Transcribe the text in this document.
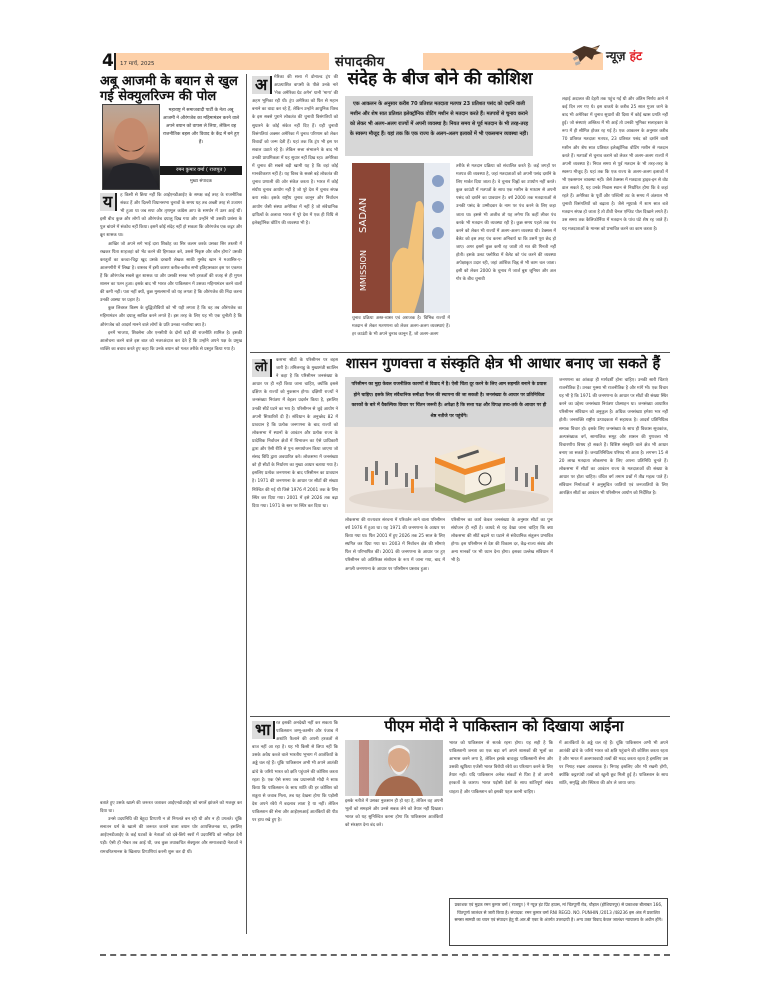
4 17 मार्च, 2025	संपादकीय	न्यूज़ हंट
अबू आजमी के बयान से खुल गई सेक्युलरिज्म की पोल
महाराष्ट्र में समाजवादी पार्टी के नेता अबू आजमी ने औरंगजेब का महिमामंडन करने वाले अपने बयान को वापस ले लिया, लेकिन वह राजनीतिक बहस और विवाद के केंद्र में बने हुए हैं।
रमन कुमार वर्मा ( राजपूत )
मुख्य संपादक
य	ह किसी से छिपा नहीं कि आईएनडीआईए के समक्ष कई तरह के राजनीतिक संकट हैं और दिल्ली विधानसभा चुनावों के समय यह तब अच्छी तरह से उजागर भी हुआ था जब सपा और तृणमूल कांग्रेस आप के समर्थन में उतर आई थीं। इसी बीच कुछ और लोगों को औरंगजेब दयालु दिख गया और उन्होंने भी उसकी प्रशंसा के पुल बांधने में संकोच नहीं किया। इसमें कोई संदेह नहीं हो सकता कि औरंगजेब एक कट्टर और क्रूर शासक था।

आखिर जो अपने सगे भाई दारा शिकोह का सिर कलम करके उसका सिर तश्तरी में रखकर पिता शाहजहां को भेंट करने की हिमाकत करे, उससे निकृष्ट और कौन होगा? उसकी करतूतों का कच्चा-चिट्ठा खुद उसके दरबारी लेखक साकी मुस्तैद खान ने मआसिर-ए-आलमगीरी में लिखा है। वास्तव में इसी कारण करीब-करीब सभी इतिहासकार इस पर एकमत हैं कि औरंगजेब सबसे क्रूर शासक था और उसकी सनक भरी हरकतों की वजह से ही मुगल शासन का पतन हुआ। इसके बाद भी भारत और पाकिस्तान में उसका महिमामंडन करने वालों की कमी नहीं। पता नहीं क्यों, कुछ मुसलमानों को यह लगता है कि औरंगजेब की निंदा करना उनकी आस्था पर प्रहार है।

कुछ लिबरल किस्म के बुद्धिजीवियों को भी यही लगता है कि वह तब औरंगजेब का महिमामंडन और दयालु साबित करने लगते हैं। इस तरह के लिए यह भी एक चुनौती है कि औरंगजेब को आदर्श मानने वाले लोगों के प्रति उनका नजरिया क्या है।

इनमें भाजपा, शिवसेना और एनसीपी के दोनों धड़ों की राजनीति शामिल है। इसकी आलोचना करने वाले इस बात को नजरअंदाज कर देते हैं कि उन्होंने अपने पक्ष के प्रमुख व्यक्ति का बचाव करते हुए कहा कि उनके बयान को गलत तरीके से प्रस्तुत किया गया है।

बताते हुए उसके खात्मे की जरूरत जताकर आईएनडीआईए को बगलें झांकने को मजबूर कर दिया था।

उनसे उदयनिधि की बेहूदा टिप्पणी न तो निगलते बन रही थी और न ही उगलते। चूंकि सनातन धर्म के खात्मे की जरूरत जताने वाला बयान घोर आपत्तिजनक था, इसलिए आईएनडीआईए के कई घटकों के नेताओं को दबे-छिपे स्वरों में उदयनिधि को नसीहत देनी पड़ी। ऐसी ही नौबत तब आई थी, जब कुछ तथाकथित सेक्युलर और समाजवादी नेताओं ने रामचरितमानस के खिलाफ टिप्पणियां करनी शुरू कर दी थीं।

अ	मेरिका की सत्ता में डोनाल्ड ट्रंप की अप्रत्याशित वापसी के पीछे उनके नारे 'मेक अमेरिका ग्रेट अगेन' यानी 'मागा' की अहम भूमिका रही थी। ट्रंप अमेरिका को फिर से महान बनाने का वादा कर रहे हैं, लेकिन उन्होंने आधुनिक विश्व के इस सबसे पुराने लोकतंत्र की चुनावी विसंगतियों को सुधारने के कोई संकेत नहीं दिए हैं। यही चुनावी विसंगतियां अक्सर अमेरिका में चुनाव परिणाम को लेकर विवादों को जन्म देती हैं। यहां तक कि ट्रंप भी इस पर सवाल उठाते रहे हैं। लेकिन सत्ता संभालने के बाद भी उनकी प्राथमिकता में यह सुधार नहीं दिख रहा। अमेरिका में चुनाव की सबसे बड़ी खामी यह है कि वहां कोई मानकीकरण नहीं है। यह विश्व के सबसे बड़े लोकतंत्र की चुनाव प्रणाली की ओर संकेत करता है। भारत में कोई संघीय चुनाव आयोग नहीं है जो पूरे देश में चुनाव संपन्न करा सके। इसके राष्ट्रीय चुनाव कानून और निर्वाचन आयोग जैसी संस्था अमेरिका में नहीं है जो संवैधानिक दायित्वों के अलावा भारत में पूरे देश में एक ही विधि से इलेक्ट्रॉनिक वोटिंग की व्यवस्था भी है।
संदेह के बीज बोने की कोशिश
एक आकलन के अनुसार करीब 70 प्रतिशत मतदाता मतपत्र 23 प्रतिशत पसंद को दर्शाने वाली मशीन और शेष सात प्रतिशत इलेक्ट्रॉनिक वोटिंग मशीन से मतदान करते हैं। मतपत्रों से चुनाव कराने को लेकर भी अलग-अलग राज्यों में अपनी व्यवस्था है। नियत समय से पूर्व मतदान के भी तरह-तरह के स्वरूप मौजूद हैं। यहां तक कि एक राज्य के अलग-अलग इलाकों में भी एकसमान व्यवस्था नहीं।
SADAN
MMISSION
चुनाव प्रक्रिया अस्त-व्यस्त एवं अराजक है। विभिन्न राज्यों में मतदान से लेकर मतगणना को लेकर अलग-अलग व्यवस्थाएं हैं। हर काउंटी के भी अपने चुनाव कानून हैं, जो अलग-अलग
तरीके से मतदान प्रक्रिया को संचालित करते हैं। कई जगहों पर मतपत्र की व्यवस्था है, जहां मतदाताओं को अपनी पसंद दर्शाने के लिए मार्कर दिया जाता है। वे चुनाव चिह्नों का उपयोग नहीं करते। कुछ काउंटी में मतपत्रों के साथ एक मशीन के माध्यम से अपनी पसंद को दर्शाने का प्रावधान है। वर्ष 2000 तक मतदाताओं से उनकी पसंद के उम्मीदवार के नाम पर पंच करने के लिए कहा जाता था। इससे भी अजीब तो यह लगेगा कि कहीं लीवर पंच करके भी मतदान की व्यवस्था रही है। कुछ समय पहले तक पंच करने को लेकर भी राज्यों में अलग-अलग व्यवस्था थी। टेक्सस में बैलेट को इस तरह पंच करना अनिवार्य था कि उसमें पूरा छेद हो जाए। अगर इसमें कुछ कमी रह जाती तो मत की गिनती नहीं होती। इसके उलट फ्लोरिडा में बैलेट को पंच करने की व्यवस्था अपेक्षाकृत उदार रही, जहां आंशिक चिह्न से भी काम चल जाता। इसी को लेकर 2000 के चुनाव में जार्ज बुश जूनियर और अल गोर के बीच चुनावी
लड़ाई अदालत की देहरी तक पहुंच गई थी और अंतिम निर्णय आने में कई दिन लग गए थे। इस वाकये के करीब 25 साल गुजर जाने के बाद भी अमेरिका में चुनाव सुधारों की दिशा में कोई खास प्रगति नहीं हुई। जो संस्थाएं अस्तित्व में भी आईं तो उनकी भूमिका सलाहकार के रूप में ही सीमित होकर रह गई है। एक आकलन के अनुसार करीब 70 प्रतिशत मतदाता मतपत्र, 23 प्रतिशत पसंद को दर्शाने वाली मशीन और शेष सात प्रतिशत इलेक्ट्रॉनिक वोटिंग मशीन से मतदान करते हैं। मतपत्रों से चुनाव कराने को लेकर भी अलग-अलग राज्यों में अपनी व्यवस्था है। नियत समय से पूर्व मतदान के भी तरह-तरह के स्वरूप मौजूद हैं। यहां तक कि एक राज्य के अलग-अलग इलाकों में भी एकसमान व्यवस्था नहीं। जैसे टेक्सस में मतदाता ड्राइव-इन से वोट डाल सकते हैं, यह उनके निवास स्थान से निर्धारित होगा कि वे कहां रहते हैं। अमेरिका के पूर्वी और पश्चिमी तट के समय में अंतराल भी चुनावी विसंगतियों को बढ़ाता है। जैसे न्यूयार्क में शाम सात बजे मतदान संपन्न हो जाता है तो टीवी चैनल एग्जिट पोल दिखाने लगते हैं। उस समय तक कैलिफोर्निया में मतदान के पांच घंटे शेष रह जाते हैं। यह मतदाताओं के मानस को प्रभावित करने का काम करता है।
लो	कसभा सीटों के परिसीमन पर बहस जारी है। तमिलनाडु के मुख्यमंत्री स्टालिन ने कहा है कि परिसीमन जनसंख्या के आधार पर ही नहीं किया जाना चाहिए, क्योंकि इससे दक्षिण के राज्यों को नुकसान होगा। दक्षिणी राज्यों ने जनसंख्या नियंत्रण में बेहतर प्रदर्शन किया है, इसलिए उनकी सीटें घटने का भय है। परिसीमन से जुड़े आयोग ने अपनी सिफारिशें दी हैं। संविधान के अनुच्छेद 82 में प्रावधान है कि प्रत्येक जनगणना के बाद राज्यों को लोकसभा में स्थानों के आवंटन और प्रत्येक राज्य के प्रादेशिक निर्वाचन क्षेत्रों में विभाजन का ऐसे प्राधिकारी द्वारा और ऐसी रीति से पुनः समायोजन किया जाएगा जो संसद विधि द्वारा अवधारित करे। लोकसभा में जनसंख्या को ही सीटों के निर्धारण का मुख्य आधार बताया गया है। इसलिए प्रत्येक जनगणना के बाद परिसीमन का प्रावधान है। 1971 की जनगणना के आधार पर सीटों की संख्या निश्चित की गई थी जिसे 1976 में 2001 तक के लिए स्थिर कर दिया गया। 2001 में इसे 2026 तक बढ़ा दिया गया। 1971 के स्तर पर स्थिर कर दिया था।
शासन गुणवत्ता व संस्कृति क्षेत्र भी आधार बनाए जा सकते हैं
परिसीमन का मुद्दा केवल राजनीतिक कारणों से विवाद में है। ऐसी चिंता दूर करने के लिए आम सहमति बनाने के प्रयास होने चाहिए। इसके लिए संवैधानिक समीक्षा पैनल की स्थापना की जा सकती है। जनसंख्या के आधार पर प्रतिनिधित्व कारकों के बारे में वैकल्पिक विचार पर चिंतन जरूरी है। अपेक्षा है कि सत्ता पक्ष और विपक्ष तथ्य-तर्क के आधार पर ही श्रेष्ठ नतीजे पर पहुंचेंगे।
लोकसभा की राज्यवार संरचना में परिवर्तन लाने वाला परिसीमन वर्ष 1976 में हुआ था। यह 1971 की जनगणना के आधार पर किया गया था। फिर 2001 में हुए 2026 तक 25 साल के लिए स्थगित कर दिया गया था। 2003 में निर्वाचन क्षेत्र की सीमाएं फिर से परिभाषित कीं। 2001 की जनगणना के आधार पर हुए परिसीमन को अतिरिक्त संशोधन के रूप में जाना गया, बाद में अगली जनगणना के आधार पर परिसीमन प्रस्ताव हुआ।
परिसीमन का कार्य केवल जनसंख्या के अनुसार सीटों का पुनः संयोजन ही नहीं है। कायदे से यह देखा जाना चाहिए कि क्या लोकसभा की सीटें बढ़ाने या घटाने से संवैधानिक संतुलन प्रभावित होगा। इस परिसीमन से देश की विकास दर, केंद्र-राज्य संबंध और अन्य मानकों पर भी ध्यान देना होगा। इसका उल्लेख संविधान में भी है।
जनगणना का आंकड़ा ही मार्गदर्शी होना चाहिए। उनकी सारी चिंताएं राजनीतिक हैं। उनका गुस्सा भी राजनीतिक है और मांगें भी। एक विचार यह भी है कि 1971 की जनगणना के आधार पर सीटों की संख्या स्थिर करने का उद्देश्य जनसंख्या नियंत्रण प्रोत्साहन था। जनसंख्या आधारित परिसीमन संविधान को अनुकूल है। अधिक जनसंख्या हमेशा भार नहीं होती। जनशक्ति राष्ट्रीय उत्पादकता में सहायक है। आदर्श प्रतिनिधित्व सम्यक विचार हो। इसके लिए जनसंख्या के साथ ही विकास सूचकांक, अल्पसंख्यक वर्ग, सामाजिक समूह और शासन की गुणवत्ता भी विचारणीय विषय हो सकते हैं। विशिष्ट संस्कृति वाले क्षेत्र भी आधार बनाए जा सकते हैं। जनप्रतिनिधित्व परिषद भी आता है। लगभग 15 से 20 लाख मतदाता लोकसभा के लिए अपना प्रतिनिधि चुनते हैं। लोकसभा में सीटों का आवंटन राज्य के मतदाताओं की संख्या के आधार पर होता चाहिए। वंचित वर्ग तमाम प्रश्नों में तीव्र महत्व पाते हैं। संविधान निर्माताओं ने अनुसूचित जातियों एवं जनजातियों के लिए आरक्षित सीटों का आवंटन भी परिसीमन आयोग को निर्देशित है।
भा	रत इसकी अनदेखी नहीं कर सकता कि पाकिस्तान जम्मू-कश्मीर और पंजाब में अशांति फैलाने की अपनी हरकतों से बाज नहीं आ रहा है। यह भी किसी से छिपा नहीं कि उसके अवैध कब्जे वाले भारतीय भूभाग में आतंकियों के अड्डे चल रहे हैं। चूंकि पाकिस्तान अभी भी अपने आतंकी ढांचे के जरिये भारत को क्षति पहुंचाने की कोशिश करता रहता है। एक ऐसे समय जब प्रधानमंत्री मोदी ने साफ किया कि पाकिस्तान के साथ शांति की हर कोशिश को शत्रुता से जवाब मिला, तब यह देखना होगा कि पड़ोसी देश अपने रवैये में बदलाव लाता है या नहीं। लेकिन पाकिस्तान की सेना और आईएसआई आतंकियों की पीठ पर हाथ रखे हुए है।
पीएम मोदी ने पाकिस्तान को दिखाया आईना
इसके नतीजे में उसका नुकसान ही हो रहा है, लेकिन वह अपनी भूलों को समझने और उनसे सबक लेने को तैयार नहीं दिखता। भारत को यह सुनिश्चित करना होगा कि पाकिस्तान आतंकियों को संरक्षण देना बंद करे।
भारत को पाकिस्तान से सतर्क रहना होगा। यह सही है कि पाकिस्तानी जनता का एक बड़ा वर्ग अपने शासकों की भूलों का आभास करने लगा है, लेकिन इसके बावजूद पाकिस्तानी सेना और उसकी खुफिया एजेंसी भारत विरोधी रवैये का परित्याग करने के लिए तैयार नहीं। यदि पाकिस्तान अनेक संकटों से घिरा है तो अपनी हरकतों के कारण। भारत पड़ोसी देशों के साथ शांतिपूर्ण संबंध चाहता है और पाकिस्तान को इसकी पहल करनी चाहिए।
में आतंकियों के अड्डे चल रहे हैं। चूंकि पाकिस्तान अभी भी अपने आतंकी ढांचे के जरिये भारत को क्षति पहुंचाने की कोशिश करता रहता है और भारत में अलगाववादी तत्वों की मदद करता रहता है इसलिए उस पर निगाह रखना आवश्यक है। निगाह इसलिए और भी रखनी होगी, क्योंकि कट्टरपंथी तत्वों को खुली छूट मिली हुई है। पाकिस्तान के साथ शांति, समृद्धि और स्थिरता की ओर ले जाया जाए।
प्रकाशक एवं मुद्रक रमन कुमार वर्मा ( राजपूत ) ने न्यूज़ हंट प्रिंट हाउस, मां चिंतपूर्णी रोड, चौहाल (होशियारपुर) से प्रकाशक बीलाबत 166, चिंतपूर्णा जालंधर से जारी किया है। संपादक: रमन कुमार वर्मा RNI REGD. NO. PUNHIN /2013 /48236 इस अंक में प्रकाशित समस्त सामग्री का चयन एवं संपादन हेतु पी.आर.बी एक्ट के अंतर्गत उत्तरदायी है। अन्य उक्त विवाद केवल जालंधर न्यायालय के अधीन होंगे।
